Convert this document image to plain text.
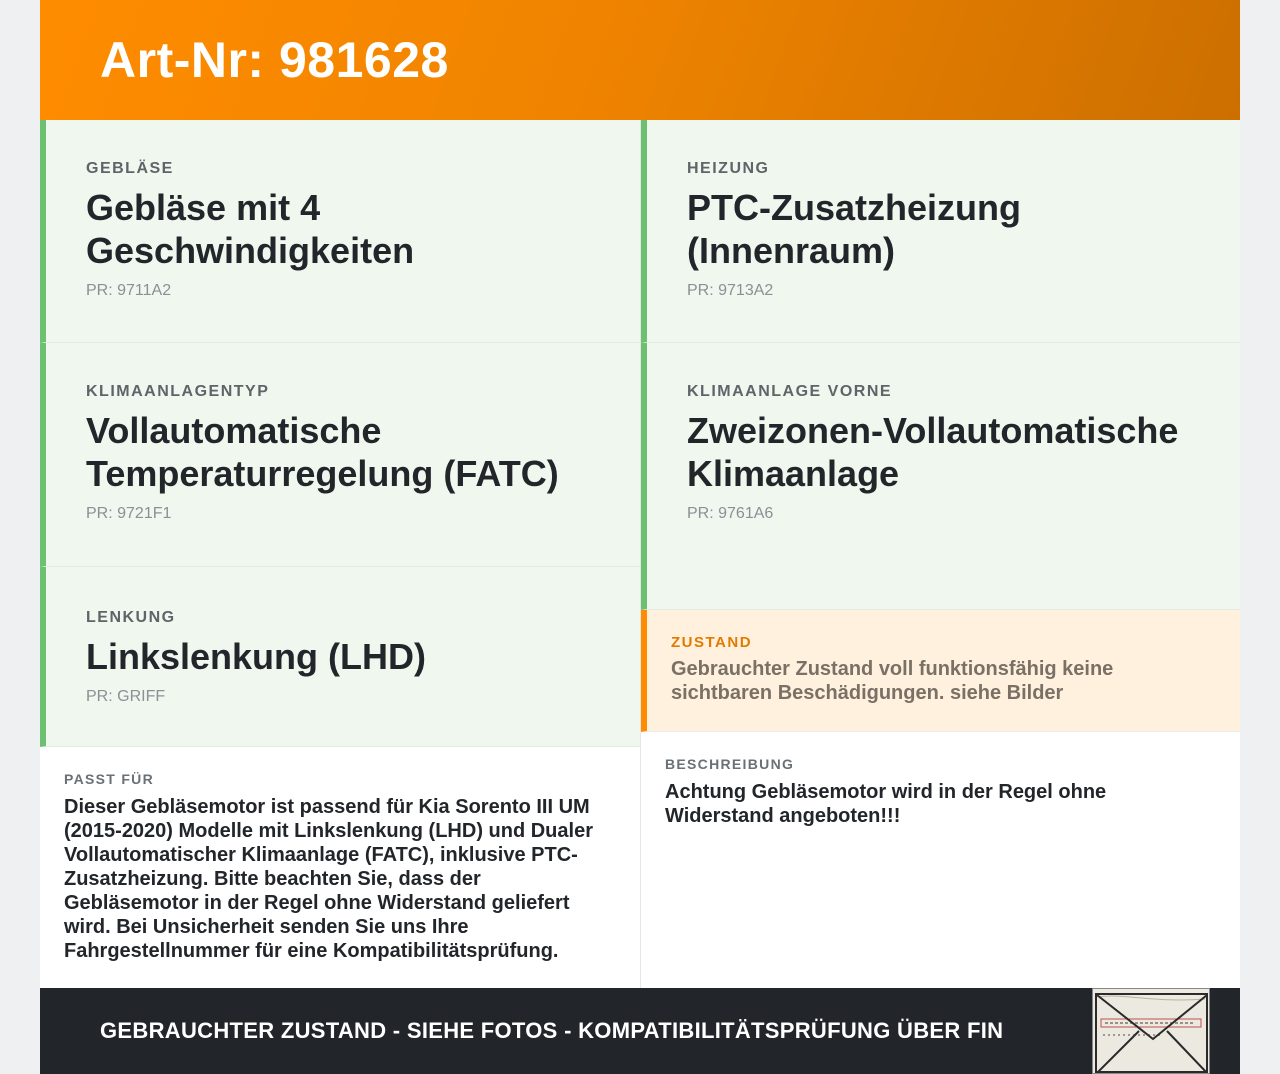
Art-Nr: 981628
GEBLÄSE
Gebläse mit 4 Geschwindigkeiten
PR: 9711A2
KLIMAANLAGENTYP
Vollautomatische Temperaturregelung (FATC)
PR: 9721F1
LENKUNG
Linkslenkung (LHD)
PR: GRIFF
PASST FÜR
Dieser Gebläsemotor ist passend für Kia Sorento III UM (2015-2020) Modelle mit Linkslenkung (LHD) und Dualer Vollautomatischer Klimaanlage (FATC), inklusive PTC-Zusatzheizung. Bitte beachten Sie, dass der Gebläsemotor in der Regel ohne Widerstand geliefert wird. Bei Unsicherheit senden Sie uns Ihre Fahrgestellnummer für eine Kompatibilitätsprüfung.
HEIZUNG
PTC-Zusatzheizung (Innenraum)
PR: 9713A2
KLIMAANLAGE VORNE
Zweizonen-Vollautomatische Klimaanlage
PR: 9761A6
ZUSTAND
Gebrauchter Zustand voll funktionsfähig keine sichtbaren Beschädigungen. siehe Bilder
BESCHREIBUNG
Achtung Gebläsemotor wird in der Regel ohne Widerstand angeboten!!!
GEBRAUCHTER ZUSTAND - SIEHE FOTOS - KOMPATIBILITÄTSPRÜFUNG ÜBER FIN
